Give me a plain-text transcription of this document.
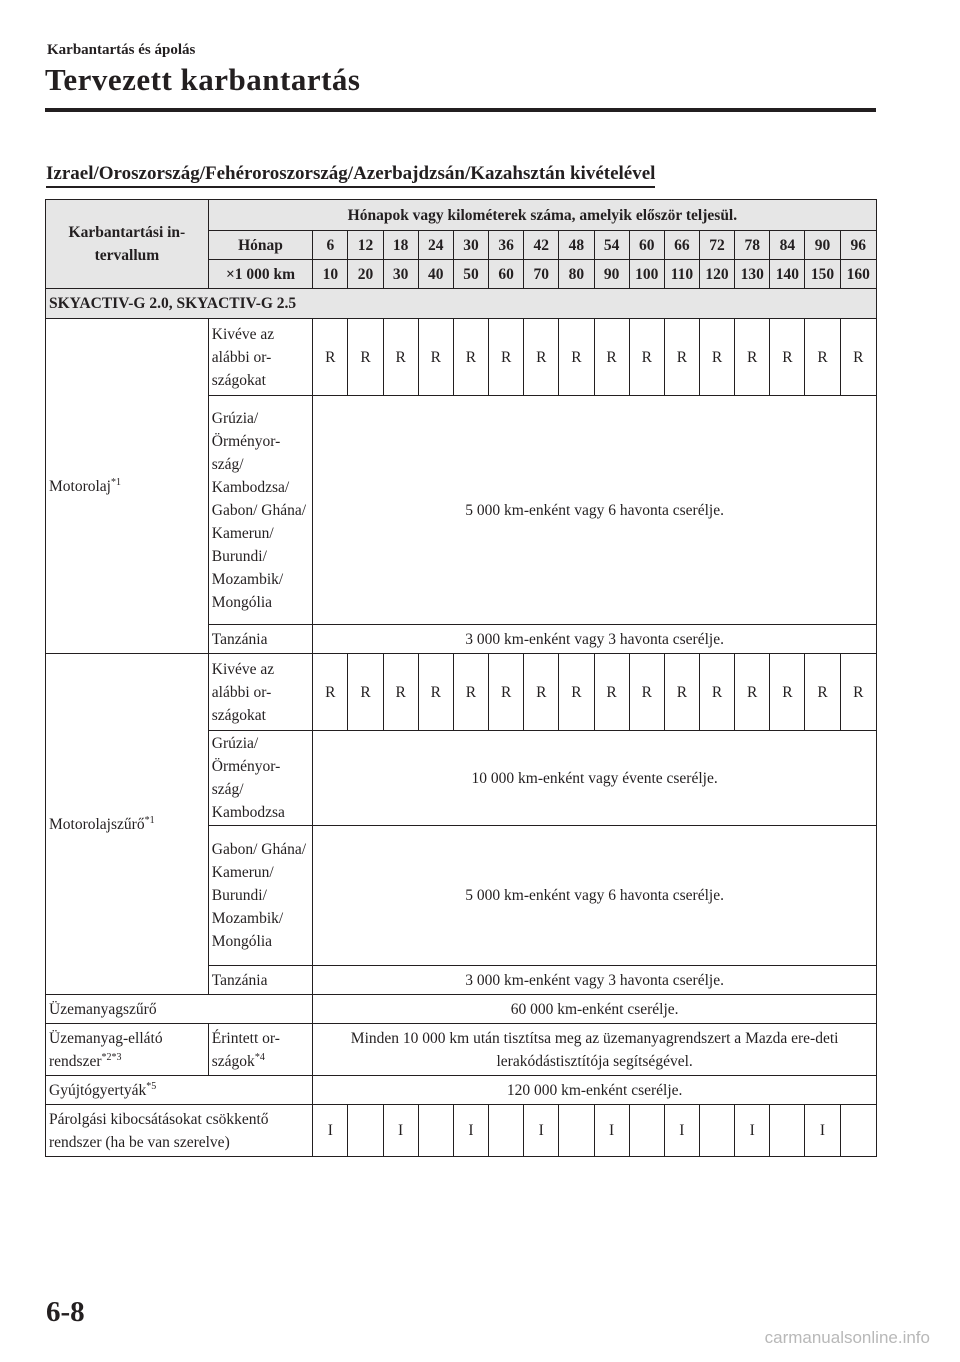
Karbantartás és ápolás
Tervezett karbantartás
Izrael/Oroszország/Fehéroroszország/Azerbajdzsán/Kazahsztán kivételével
Karbantartási in-tervallum	Hónapok vagy kilométerek száma, amelyik először teljesül.																
	Hónap	6	12	18	24	30	36	42	48	54	60	66	72	78	84	90	96
	×1 000 km	10	20	30	40	50	60	70	80	90	100	110	120	130	140	150	160
SKYACTIV-G 2.0, SKYACTIV-G 2.5																	
Motorolaj$^{*1}$	Kivéve az alábbi or-szágokat	R	R	R	R	R	R	R	R	R	R	R	R	R	R	R	R
	Grúzia/ Örményor-szág/ Kambodzsa/ Gabon/ Ghána/ Kamerun/ Burundi/ Mozambik/ Mongólia	5 000 km-enként vagy 6 havonta cserélje.															
	Tanzánia	3 000 km-enként vagy 3 havonta cserélje.															
Motorolajszűrő$^{*1}$	Kivéve az alábbi or-szágokat	R	R	R	R	R	R	R	R	R	R	R	R	R	R	R	R
	Grúzia/ Örményor-szág/ Kambodzsa	10 000 km-enként vagy évente cserélje.															
	Gabon/ Ghána/ Kamerun/ Burundi/ Mozambik/ Mongólia	5 000 km-enként vagy 6 havonta cserélje.															
	Tanzánia	3 000 km-enként vagy 3 havonta cserélje.															
Üzemanyagszűrő		60 000 km-enként cserélje.															
Üzemanyag-ellátó rendszer$^{*2*3}$	Érintett or-szágok$^{*4}$	Minden 10 000 km után tisztítsa meg az üzemanyagrendszert a Mazda ere-deti lerakódástisztítója segítségével.															
Gyújtógyertyák$^{*5}$		120 000 km-enként cserélje.															
Párolgási kibocsátásokat csökkentő rendszer (ha be van szerelve)		I		I		I		I		I		I		I		I	
6-8
carmanualsonline.info
